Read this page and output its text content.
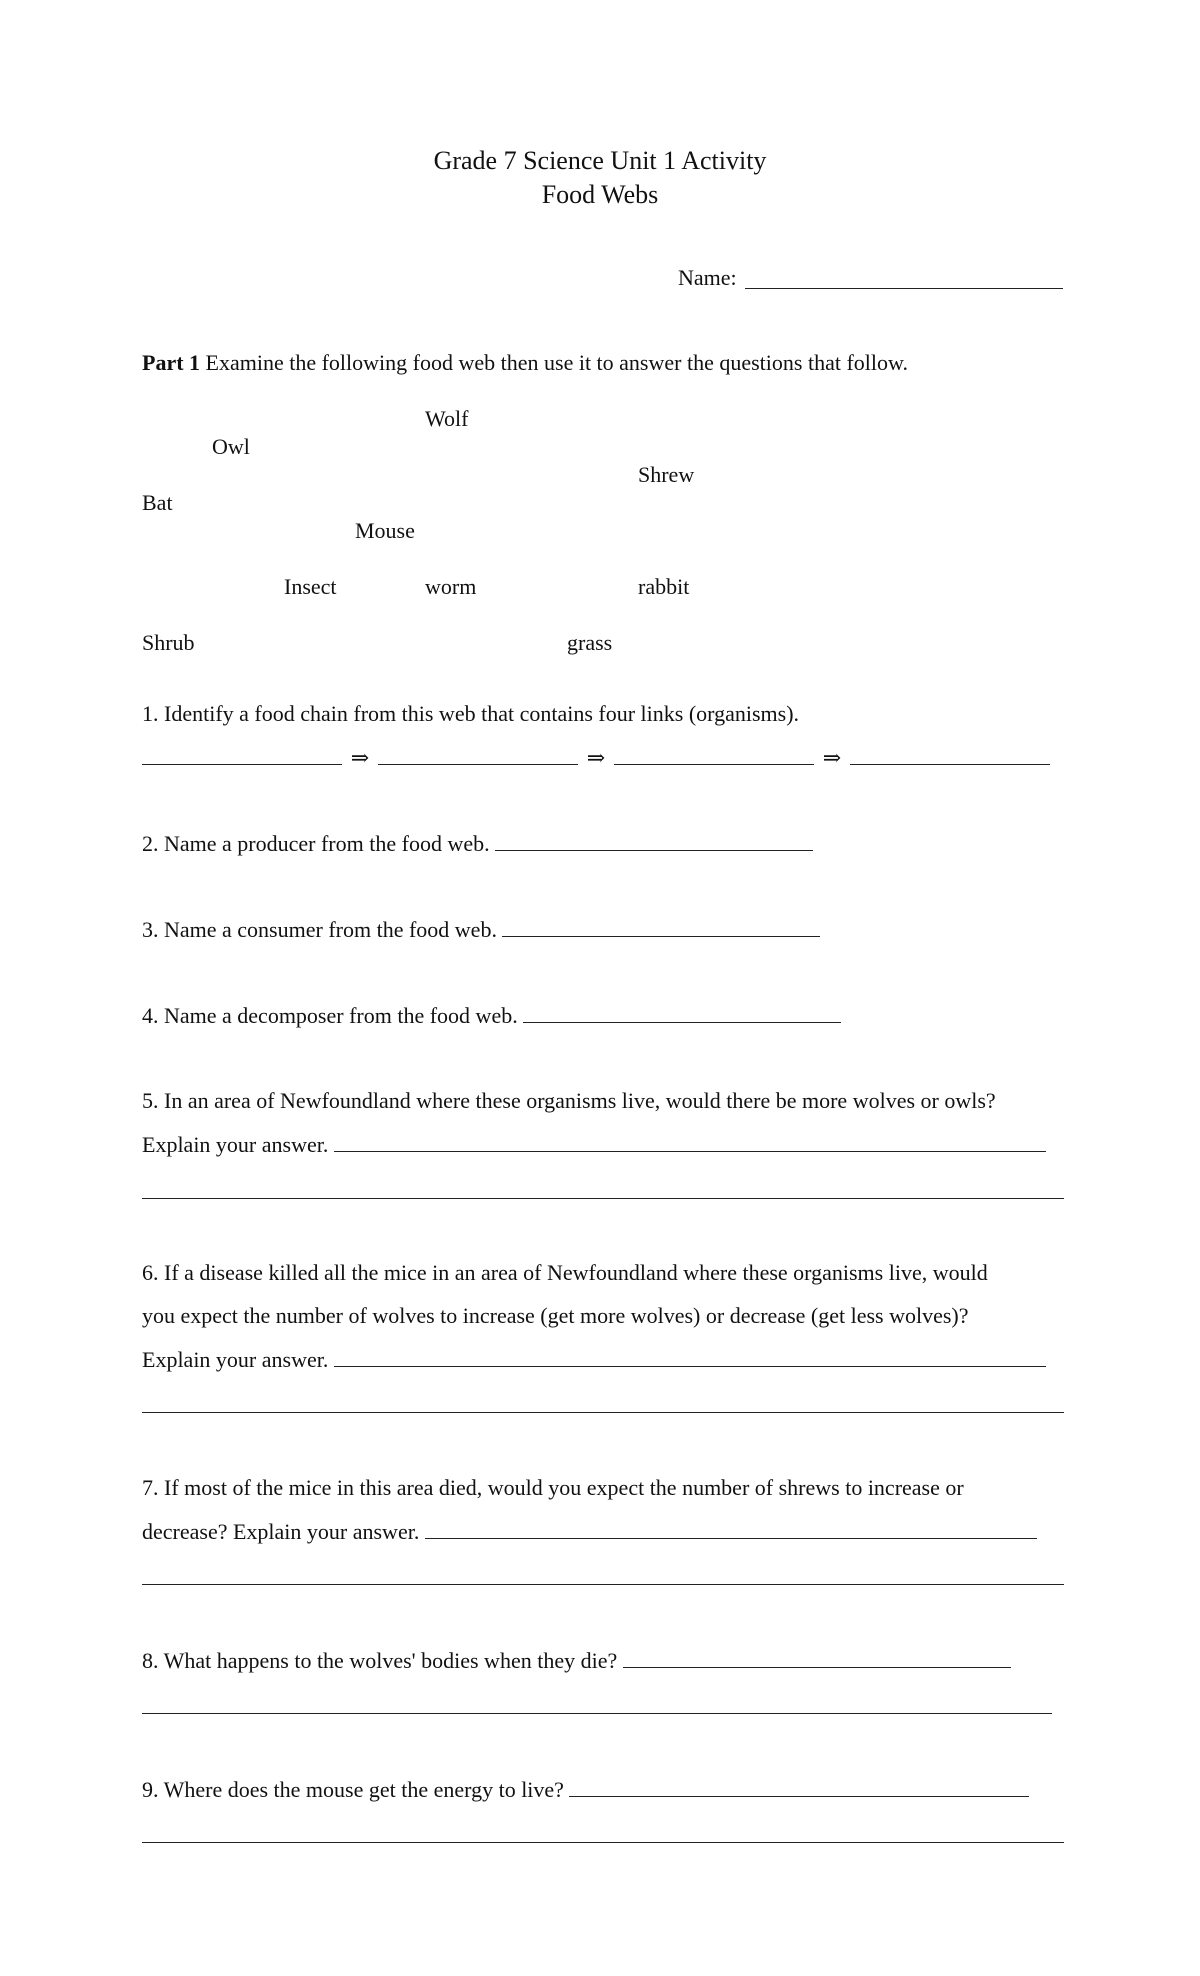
Grade 7 Science Unit 1 Activity
Food Webs
Name:
Part 1 Examine the following food web then use it to answer the questions that follow.
Wolf
Owl
Shrew
Bat
Mouse
Insect	worm	rabbit
Shrub	grass
1. Identify a food chain from this web that contains four links (organisms).
⇒	⇒	⇒
2. Name a producer from the food web.
3. Name a consumer from the food web.
4. Name a decomposer from the food web.
5. In an area of Newfoundland where these organisms live, would there be more wolves or owls?
Explain your answer.
6. If a disease killed all the mice in an area of Newfoundland where these organisms live, would
you expect the number of wolves to increase (get more wolves) or decrease (get less wolves)?
Explain your answer.
7. If most of the mice in this area died, would you expect the number of shrews to increase or
decrease? Explain your answer.
8. What happens to the wolves' bodies when they die?
9. Where does the mouse get the energy to live?
